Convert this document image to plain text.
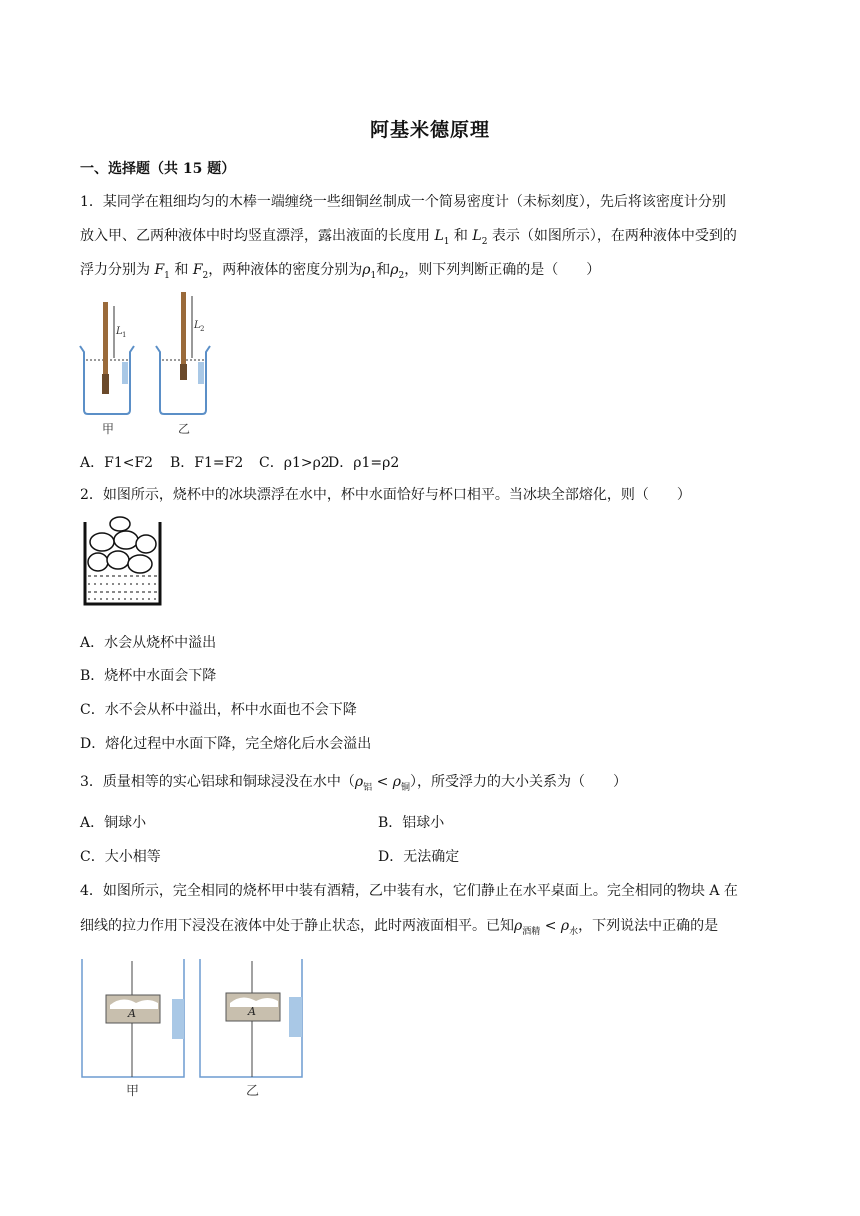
阿基米德原理
一、选择题（共 15 题）
1．某同学在粗细均匀的木棒一端缠绕一些细铜丝制成一个简易密度计（未标刻度），先后将该密度计分别
放入甲、乙两种液体中时均竖直漂浮，露出液面的长度用 $L_1$ 和 $L_2$ 表示（如图所示），在两种液体中受到的
浮力分别为 $F_1$ 和 $F_2$，两种液体的密度分别为$\rho_1$和$\rho_2$，则下列判断正确的是（　　）
L 1
L 2
甲	乙
A．F1<F2 B．F1=F2 C．ρ1>ρ2
D．ρ1=ρ2
2．如图所示，烧杯中的冰块漂浮在水中，杯中水面恰好与杯口相平。当冰块全部熔化，则（　　）
A．水会从烧杯中溢出
B．烧杯中水面会下降
C．水不会从杯中溢出，杯中水面也不会下降
D．熔化过程中水面下降，完全熔化后水会溢出
3．质量相等的实心铝球和铜球浸没在水中$(\rho_铝 < \rho_铜)$，所受浮力的大小关系为（　　）
A．铜球小	B．铝球小
C．大小相等	D．无法确定
4．如图所示，完全相同的烧杯甲中装有酒精，乙中装有水，它们静止在水平桌面上。完全相同的物块 A 在
细线的拉力作用下浸没在液体中处于静止状态，此时两液面相平。已知$\rho_{酒精} < \rho_水$，下列说法中正确的是
A	A
甲	乙
